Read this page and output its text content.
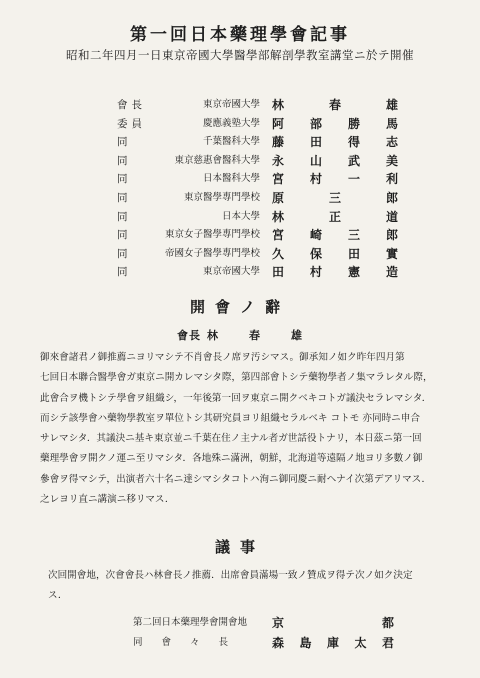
第一回日本藥理學會記事
昭和二年四月一日東京帝國大學醫學部解剖學教室講堂ニ於テ開催
會長	東京帝國大學 林	春	雄
委員	慶應義塾大學 阿 部 勝 馬
同	千葉醫科大學 藤 田 得 志
同	東京慈惠會醫科大學 永 山 武 美
同	日本醫科大學 宮 村 一 利
同	東京醫學專門學校 原	三	郎
同	日本大學 林	正	道
同	東京女子醫學專門學校 宮 崎 三 郎
同	帝國女子醫學專門學校 久 保 田 實
同	東京帝國大學 田 村 憲 造
開會ノ辭
會長 林春雄
御來會諸君ノ御推薦ニヨリマシテ不肖會長ノ席ヲ汚シマス。御承知ノ如ク昨年四月第
七回日本聯合醫學會ガ東京ニ開カレマシタ際，第四部會トシテ藥物學者ノ集マラレタル際，
此會合ヲ機トシテ學會ヲ組織シ，一年後第一回ヲ東京ニ開クベキコトガ議決セラレマシタ．
而シテ該學會ハ藥物學教室ヲ單位トシ其研究員ヨリ組織セラルベキ コトモ 亦同時ニ申合
サレマシタ．其議決ニ基キ東京並ニ千葉在住ノ主ナル者ガ世話役トナリ，本日茲ニ第一回
藥理學會ヲ開クノ運ニ至リマシタ．各地殊ニ滿洲，朝鮮，北海道等遠隔ノ地ヨリ多數ノ御
參會ヲ得マシテ，出演者六十名ニ達シマシタコトハ洵ニ御同慶ニ耐ヘナイ次第デアリマス．
之レヨリ直ニ講演ニ移リマス．
議事
次回開會地，次會會長ハ林會長ノ推薦．出席會員滿場一致ノ贊成ヲ得テ次ノ如ク決定
ス．
第二回日本藥理學會開會地 京	都
同　　會　　々　　長	森 島 庫 太 君
